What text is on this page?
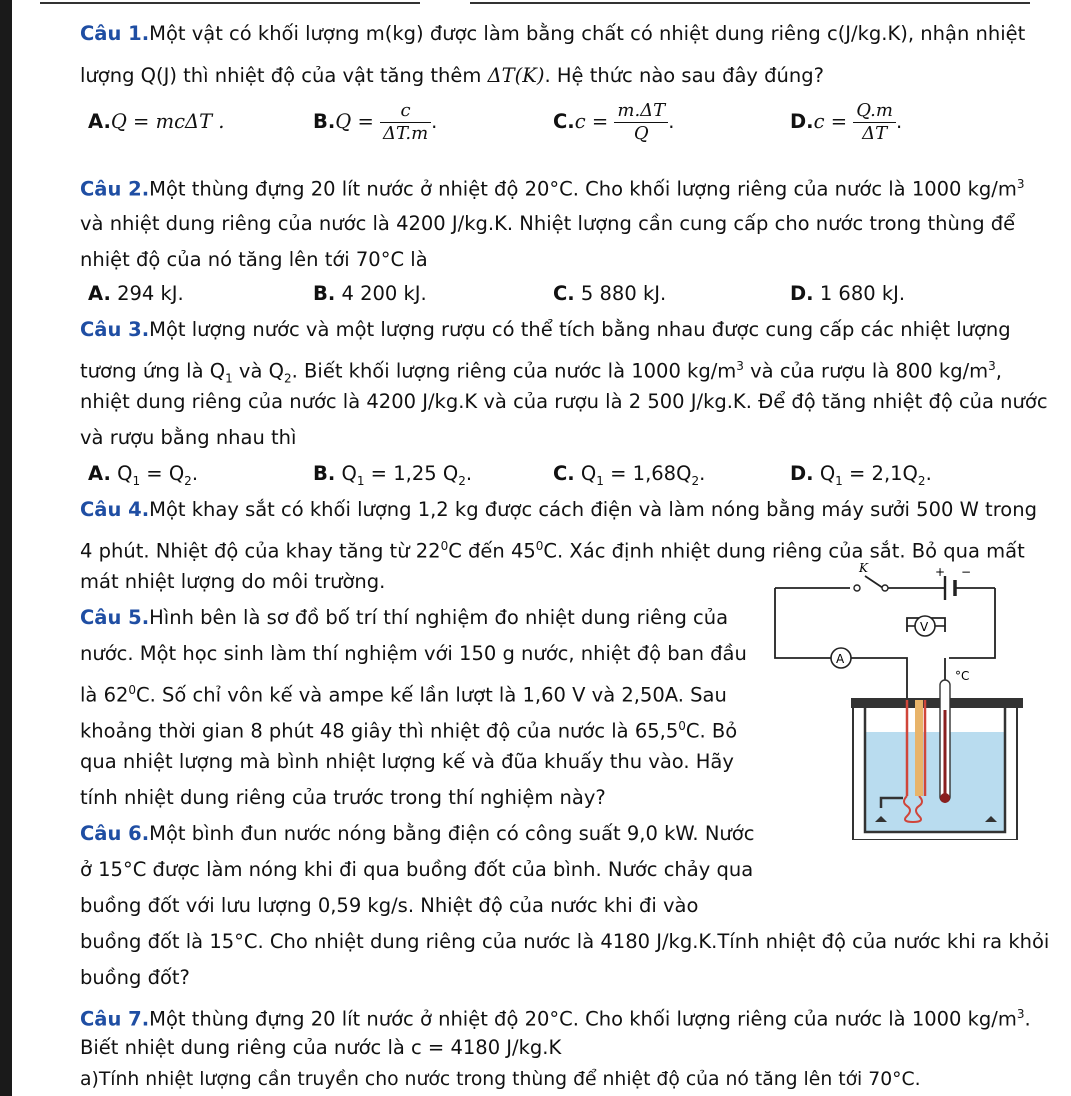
Câu 1.Một vật có khối lượng m(kg) được làm bằng chất có nhiệt dung riêng c(J/kg.K), nhận nhiệt
lượng Q(J) thì nhiệt độ của vật tăng thêm ΔT(K). Hệ thức nào sau đây đúng?
A.Q = mcΔT .	$B.Q = \frac{c}{\Delta T.m}$ .	$C.c = \frac{m.\Delta T}{Q}$ .	$D.c = \frac{Q.m}{\Delta T}$ .
Câu 2.Một thùng đựng 20 lít nước ở nhiệt độ 20°C. Cho khối lượng riêng của nước là 1000 $kg/m^3$
và nhiệt dung riêng của nước là 4200 J/kg.K. Nhiệt lượng cần cung cấp cho nước trong thùng để
nhiệt độ của nó tăng lên tới 70°C là
A. 294 kJ.	B. 4 200 kJ.	C. 5 880 kJ.	D. 1 680 kJ.
Câu 3.Một lượng nước và một lượng rượu có thể tích bằng nhau được cung cấp các nhiệt lượng
tương ứng là $Q_1$ và $Q_2$. Biết khối lượng riêng của nước là 1000 $kg/m^3$ và của rượu là 800 $kg/m^3$,
nhiệt dung riêng của nước là 4200 J/kg.K và của rượu là 2 500 J/kg.K. Để độ tăng nhiệt độ của nước
và rượu bằng nhau thì
A. $Q_1 = Q_2$.	B. $Q_1 = 1,25$ $Q_2$.	C. $Q_1 = 1,68Q_2$.	D. $Q_1 = 2,1Q_2$.
Câu 4.Một khay sắt có khối lượng 1,2 kg được cách điện và làm nóng bằng máy sưởi 500 W trong
4 phút. Nhiệt độ của khay tăng từ $22^0C$ đến $45^0C$. Xác định nhiệt dung riêng của sắt. Bỏ qua mất
mát nhiệt lượng do môi trường.
Câu 5.Hình bên là sơ đồ bố trí thí nghiệm đo nhiệt dung riêng của
nước. Một học sinh làm thí nghiệm với 150 g nước, nhiệt độ ban đầu
là $62^0C$. Số chỉ vôn kế và ampe kế lần lượt là 1,60 V và 2,50A. Sau
khoảng thời gian 8 phút 48 giây thì nhiệt độ của nước là 65,5$^0$C. Bỏ
qua nhiệt lượng mà bình nhiệt lượng kế và đũa khuấy thu vào. Hãy
tính nhiệt dung riêng của trước trong thí nghiệm này?
Câu 6.Một bình đun nước nóng bằng điện có công suất 9,0 kW. Nước
ở 15°C được làm nóng khi đi qua buồng đốt của bình. Nước chảy qua
buồng đốt với lưu lượng 0,59 kg/s. Nhiệt độ của nước khi đi vào
buồng đốt là 15°C. Cho nhiệt dung riêng của nước là 4180 J/kg.K.Tính nhiệt độ của nước khi ra khỏi
buồng đốt?
Câu 7.Một thùng đựng 20 lít nước ở nhiệt độ 20°C. Cho khối lượng riêng của nước là 1000 $kg/m^3$.
Biết nhiệt dung riêng của nước là c = 4180 J/kg.K
a)Tính nhiệt lượng cần truyền cho nước trong thùng để nhiệt độ của nó tăng lên tới 70°C.
K	+ −
V
A
°C
